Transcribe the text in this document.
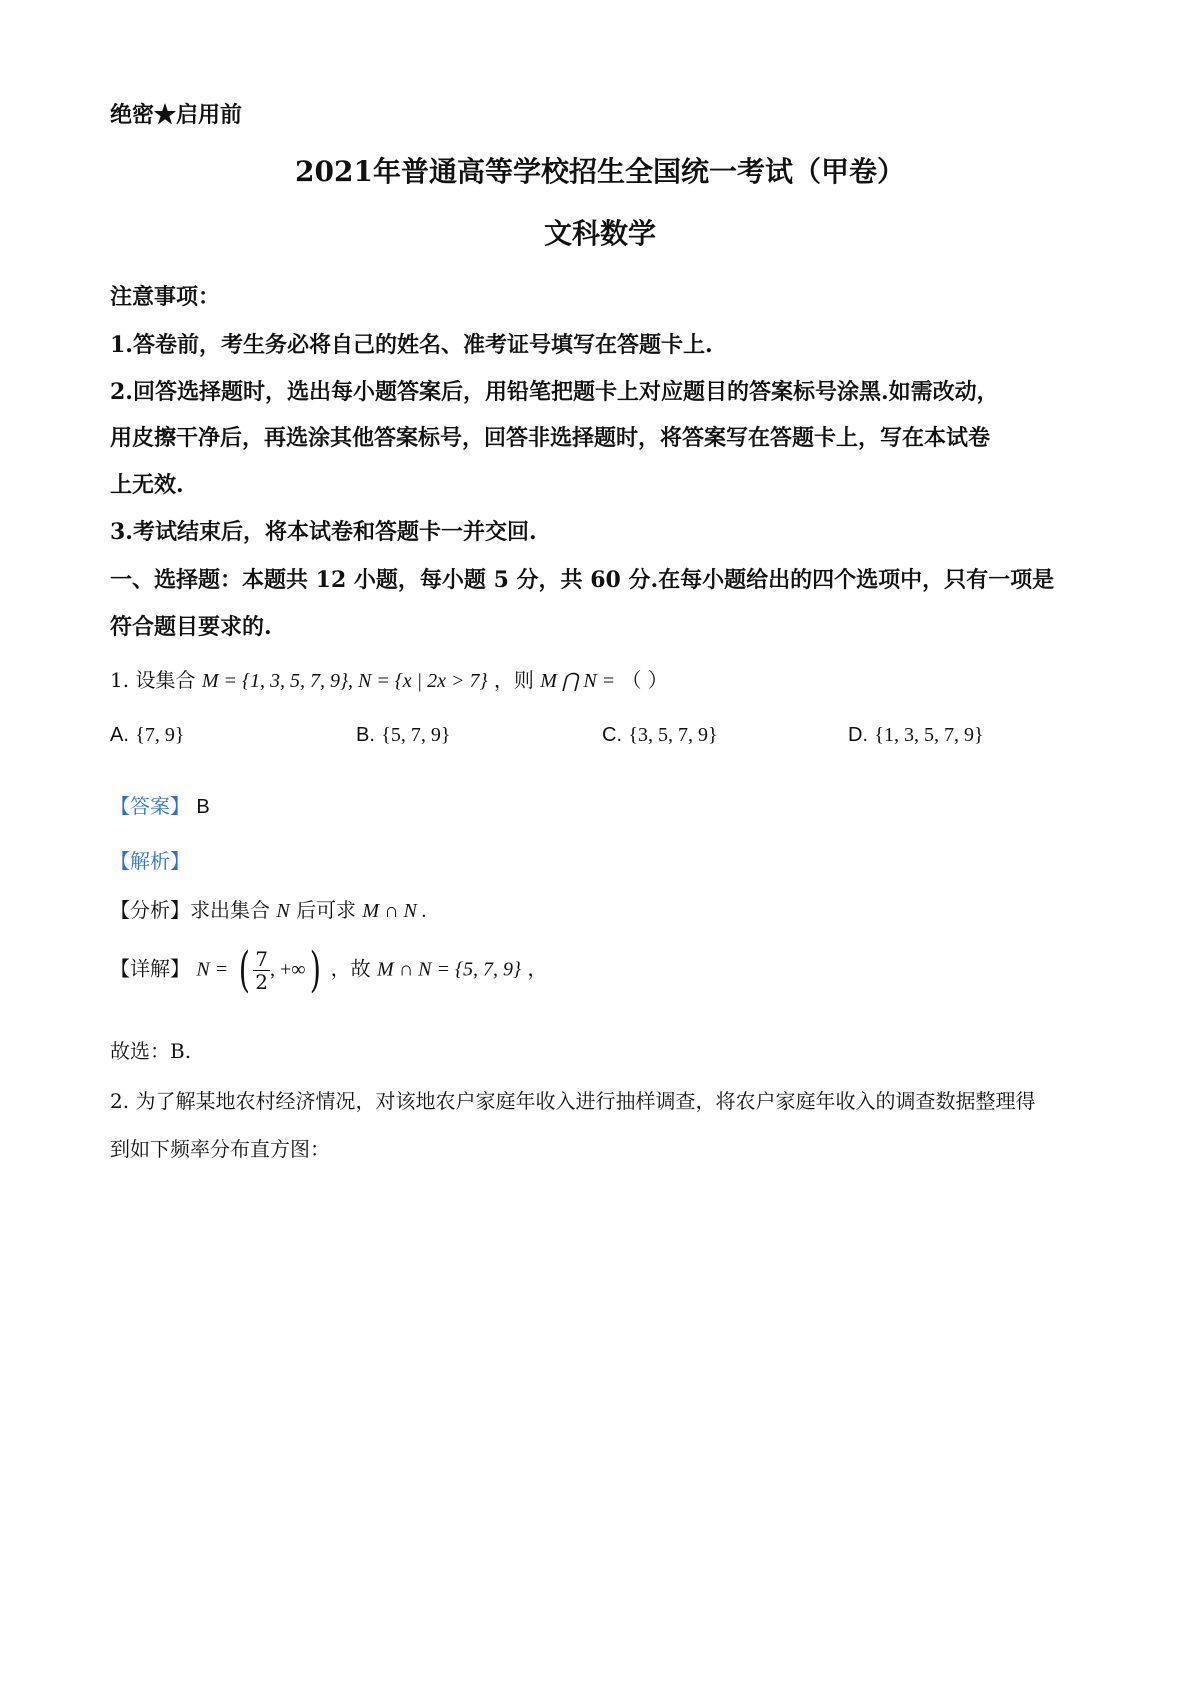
绝密★启用前
2021年普通高等学校招生全国统一考试（甲卷）
文科数学
注意事项：
1.答卷前，考生务必将自己的姓名、准考证号填写在答题卡上.
2.回答选择题时，选出每小题答案后，用铅笔把题卡上对应题目的答案标号涂黑.如需改动，
用皮擦干净后，再选涂其他答案标号，回答非选择题时，将答案写在答题卡上，写在本试卷
上无效.
3.考试结束后，将本试卷和答题卡一并交回.
一、选择题：本题共 12 小题，每小题 5 分，共 60 分.在每小题给出的四个选项中，只有一项是
符合题目要求的.
1. 设集合 M = {1, 3, 5, 7, 9}, N = {x | 2x > 7} ，则 M ⋂ N = （ ）
A. {7, 9}	B. {5, 7, 9}	C. {3, 5, 7, 9}	D. {1, 3, 5, 7, 9}
【答案】 B
【解析】
【分析】求出集合 N 后可求 M ∩ N .
【详解】 N = ( $\frac{7}{2}$ , +∞) ，故 M ∩ N = {5, 7, 9} ，
故选：B.
2. 为了解某地农村经济情况，对该地农户家庭年收入进行抽样调查，将农户家庭年收入的调查数据整理得
到如下频率分布直方图：
